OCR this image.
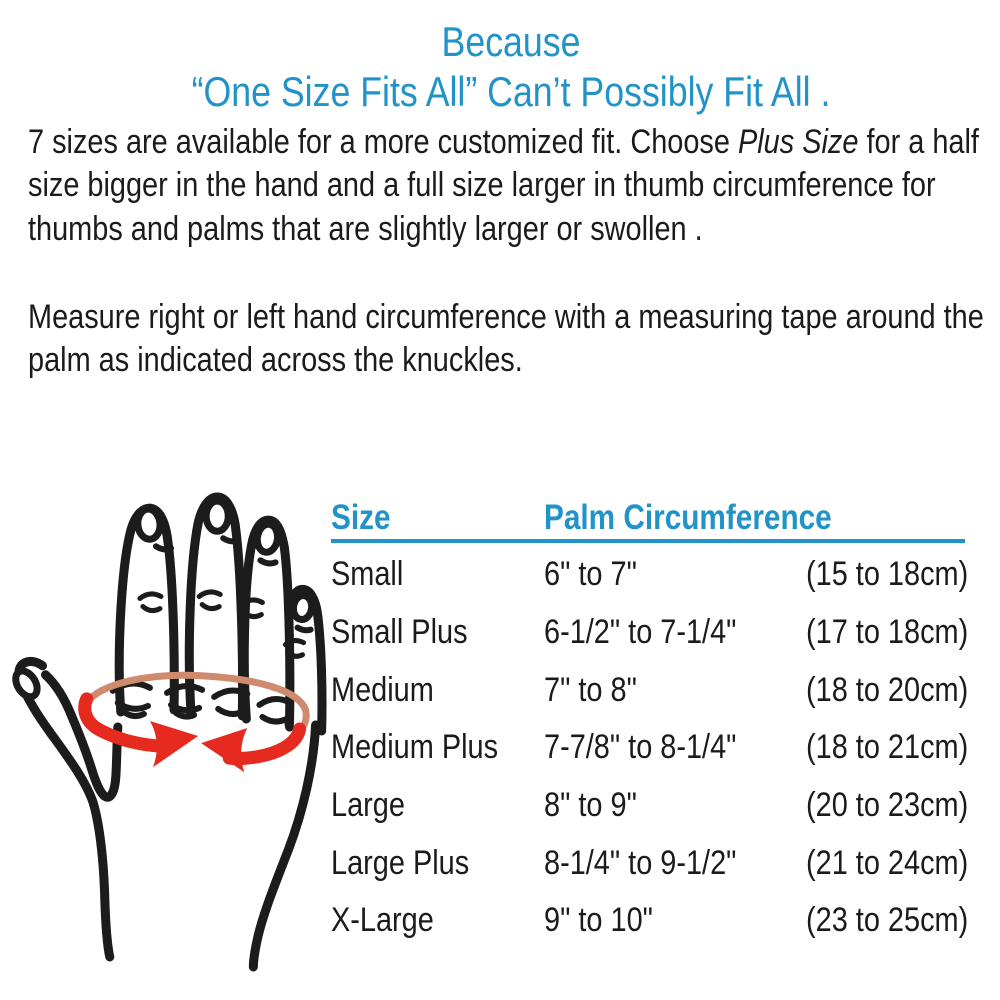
Because
“One Size Fits All” Can’t Possibly Fit All .
7 sizes are available for a more customized fit. Choose Plus Size for a half
size bigger in the hand and a full size larger in thumb circumference for
thumbs and palms that are slightly larger or swollen .
Measure right or left hand circumference with a measuring tape around the
palm as indicated across the knuckles.
Size	Palm Circumference
Small	6" to 7"	(15 to 18cm)
Small Plus	6-1/2" to 7-1/4"	(17 to 18cm)
Medium	7" to 8"	(18 to 20cm)
Medium Plus	7-7/8" to 8-1/4"	(18 to 21cm)
Large	8" to 9"	(20 to 23cm)
Large Plus	8-1/4" to 9-1/2"	(21 to 24cm)
X-Large	9" to 10"	(23 to 25cm)
